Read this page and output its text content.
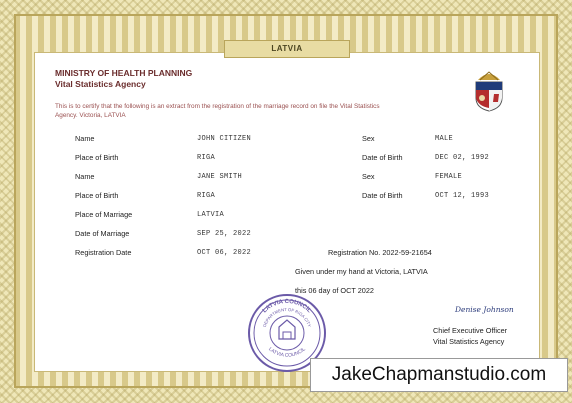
LATVIA
MINISTRY OF HEALTH PLANNING
Vital Statistics Agency
This is to certify that the following is an extract from the registration of the marriage record on file the Vital Statistics Agency. Victoria, LATVIA
Name	JOHN CITIZEN	Sex	MALE
Place of Birth	RIGA	Date of Birth	DEC 02, 1992
Name	JANE SMITH	Sex	FEMALE
Place of Birth	RIGA	Date of Birth	OCT 12, 1993
Place of Marriage	LATVIA
Date of Marriage	SEP 25, 2022
Registration Date	OCT 06, 2022	Registration No. 2022-59-21654
Given under my hand at Victoria, LATVIA
this 06 day of OCT 2022
Denise Johnson
Chief Executive Officer
Vital Statistics Agency
LATVIA COUNCIL
DEPARTMENT OF RIGA CITY
LATVIA COUNCIL
JakeChapmanstudio.com
